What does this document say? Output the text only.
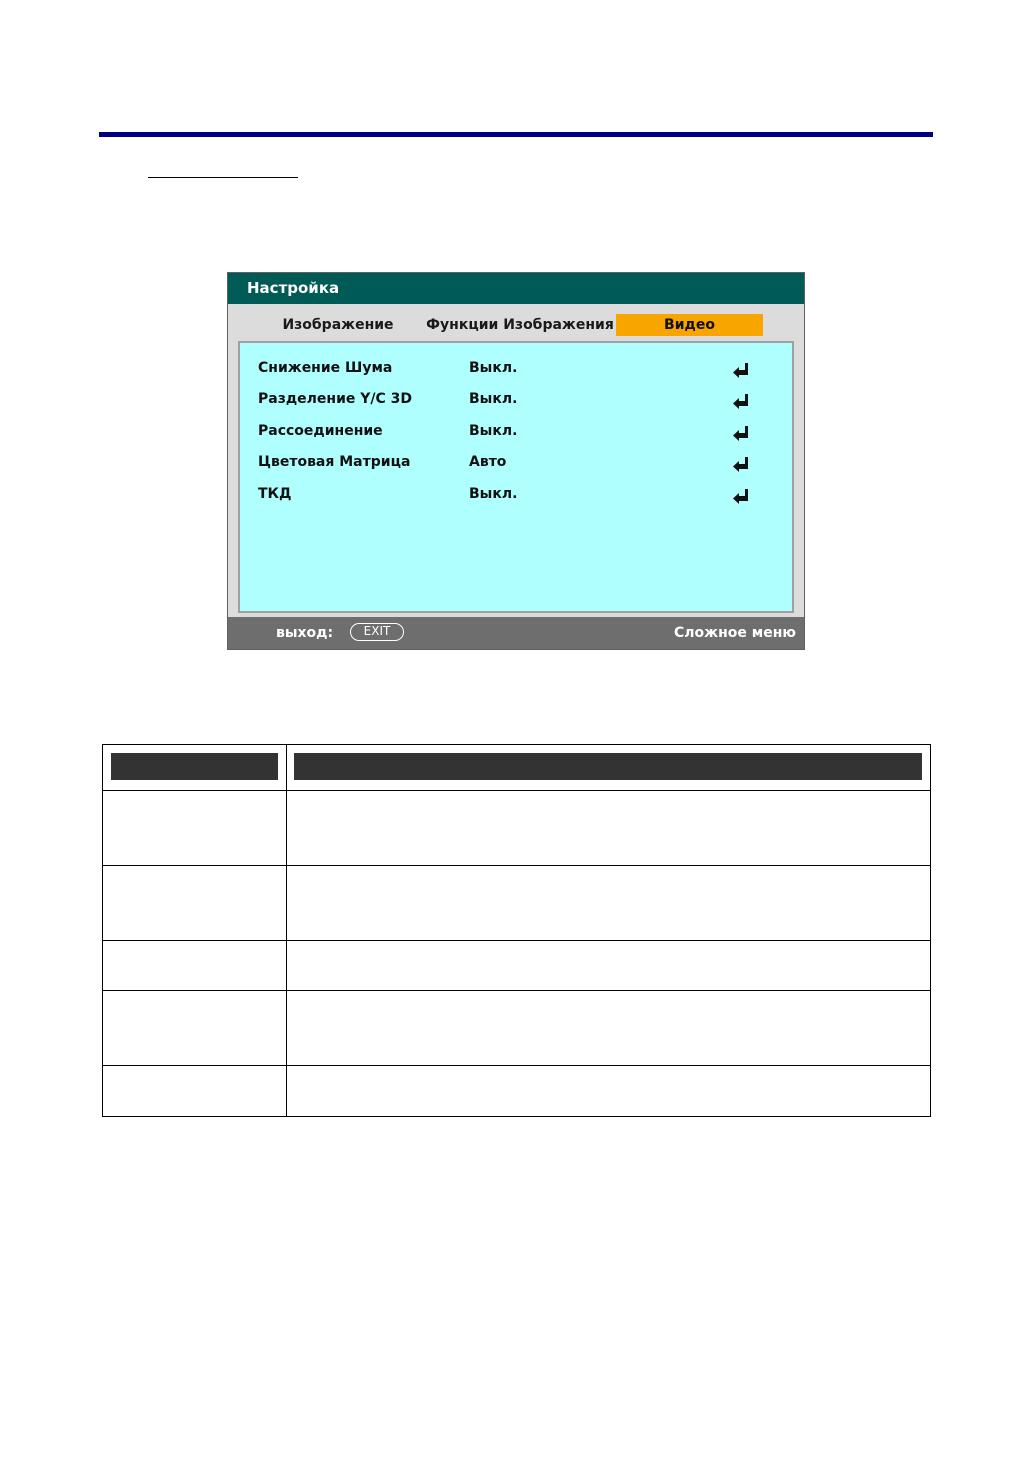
Настройка
Изображение	Функции Изображения	Видео
Снижение Шума	Выкл.
Разделение Y/C 3D	Выкл.
Рассоединение	Выкл.
Цветовая Матрица	Авто
ТКД	Выкл.
выход:	EXIT	Сложное меню
